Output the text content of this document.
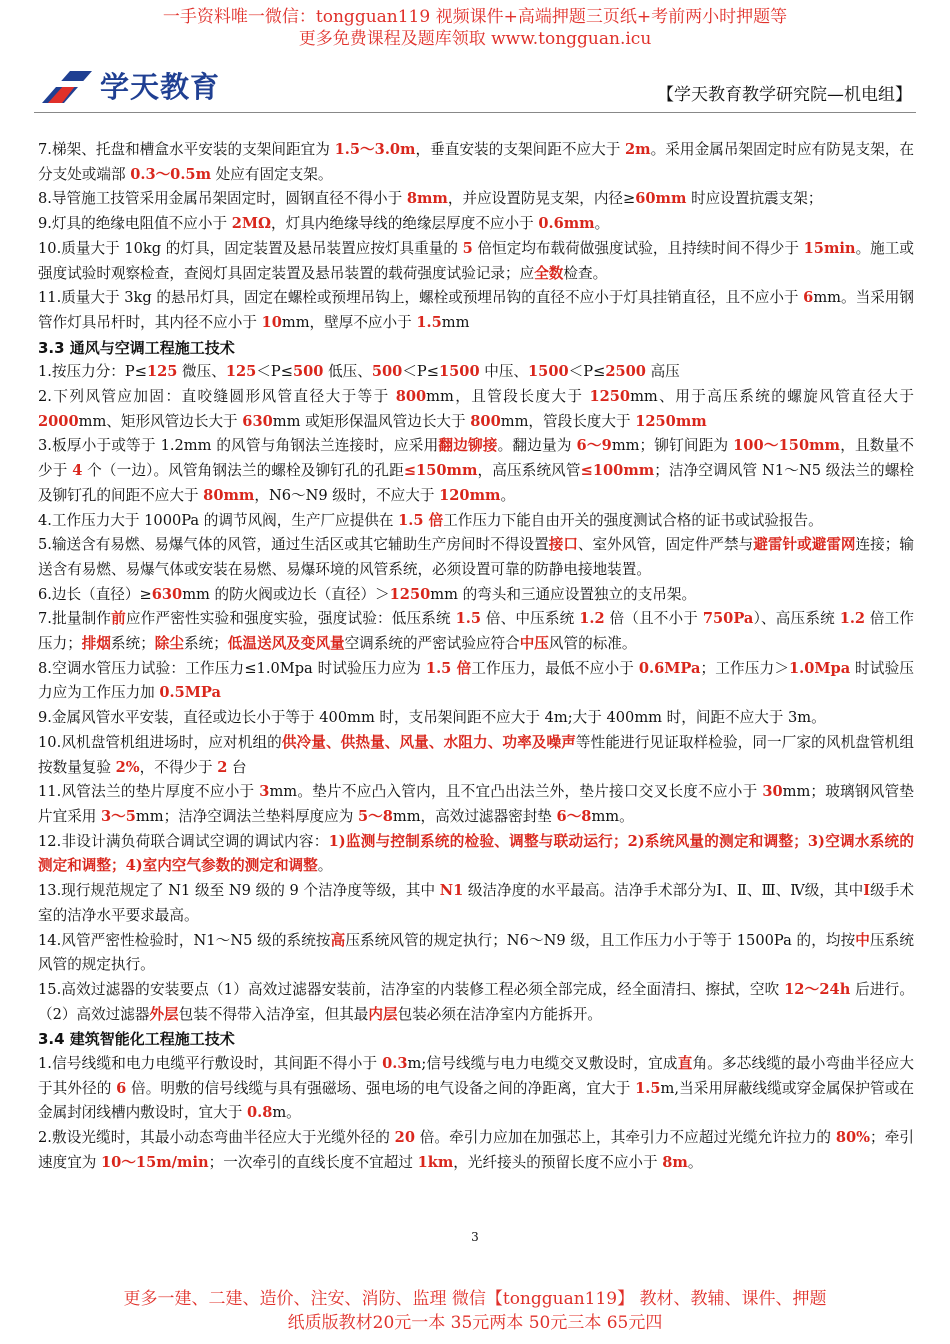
一手资料唯一微信：tongguan119 视频课件+高端押题三页纸+考前两小时押题等
更多免费课程及题库领取 www.tongguan.icu
学天教育	【学天教育教学研究院—机电组】

7.梯架、托盘和槽盒水平安装的支架间距宜为 1.5～3.0m，垂直安装的支架间距不应大于 2m。采用金属吊架固定时应有防晃支架，在分支处或端部 0.3～0.5m 处应有固定支架。

8.导管施工技管采用金属吊架固定时，圆钢直径不得小于 8mm，并应设置防晃支架，内径≥60mm 时应设置抗震支架；

9.灯具的绝缘电阻值不应小于 2MΩ，灯具内绝缘导线的绝缘层厚度不应小于 0.6mm。

10.质量大于 10kg 的灯具，固定装置及悬吊装置应按灯具重量的 5 倍恒定均布载荷做强度试验，且持续时间不得少于 15min。施工或强度试验时观察检查，查阅灯具固定装置及悬吊装置的载荷强度试验记录；应全数检查。

11.质量大于 3kg 的悬吊灯具，固定在螺栓或预埋吊钩上，螺栓或预埋吊钩的直径不应小于灯具挂销直径，且不应小于 6mm。当采用钢管作灯具吊杆时，其内径不应小于 10mm，壁厚不应小于 1.5mm

3.3 通风与空调工程施工技术

1.按压力分：P≤125 微压、125＜P≤500 低压、500＜P≤1500 中压、1500＜P≤2500 高压

2.下列风管应加固：直咬缝圆形风管直径大于等于 800mm，且管段长度大于 1250mm、用于高压系统的螺旋风管直径大于 2000mm、矩形风管边长大于 630mm 或矩形保温风管边长大于 800mm，管段长度大于 1250mm

3.板厚小于或等于 1.2mm 的风管与角钢法兰连接时，应采用翻边铆接。翻边量为 6～9mm；铆钉间距为 100～150mm，且数量不少于 4 个（一边）。风管角钢法兰的螺栓及铆钉孔的孔距≤150mm，高压系统风管≤100mm；洁净空调风管 N1～N5 级法兰的螺栓及铆钉孔的间距不应大于 80mm，N6～N9 级时，不应大于 120mm。

4.工作压力大于 1000Pa 的调节风阀，生产厂应提供在 1.5 倍工作压力下能自由开关的强度测试合格的证书或试验报告。

5.输送含有易燃、易爆气体的风管，通过生活区或其它辅助生产房间时不得设置接口、室外风管，固定件严禁与避雷针或避雷网连接；输送含有易燃、易爆气体或安装在易燃、易爆环境的风管系统，必须设置可靠的防静电接地装置。

6.边长（直径）≥630mm 的防火阀或边长（直径）＞1250mm 的弯头和三通应设置独立的支吊架。

7.批量制作前应作严密性实验和强度实验，强度试验：低压系统 1.5 倍、中压系统 1.2 倍（且不小于 750Pa）、高压系统 1.2 倍工作压力；排烟系统；除尘系统；低温送风及变风量空调系统的严密试验应符合中压风管的标准。

8.空调水管压力试验：工作压力≤1.0Mpa 时试验压力应为 1.5 倍工作压力，最低不应小于 0.6MPa；工作压力＞1.0Mpa 时试验压力应为工作压力加 0.5MPa

9.金属风管水平安装，直径或边长小于等于 400mm 时，支吊架间距不应大于 4m;大于 400mm 时，间距不应大于 3m。

10.风机盘管机组进场时，应对机组的供冷量、供热量、风量、水阻力、功率及噪声等性能进行见证取样检验，同一厂家的风机盘管机组按数量复验 2%，不得少于 2 台

11.风管法兰的垫片厚度不应小于 3mm。垫片不应凸入管内，且不宜凸出法兰外，垫片接口交叉长度不应小于 30mm；玻璃钢风管垫片宜采用 3～5mm；洁净空调法兰垫料厚度应为 5～8mm，高效过滤器密封垫 6～8mm。

12.非设计满负荷联合调试空调的调试内容：1)监测与控制系统的检验、调整与联动运行；2)系统风量的测定和调整；3)空调水系统的测定和调整；4)室内空气参数的测定和调整。

13.现行规范规定了 N1 级至 N9 级的 9 个洁净度等级，其中 N1 级洁净度的水平最高。洁净手术部分为Ⅰ、Ⅱ、Ⅲ、Ⅳ级，其中Ⅰ级手术室的洁净水平要求最高。

14.风管严密性检验时，N1～N5 级的系统按高压系统风管的规定执行；N6～N9 级，且工作压力小于等于 1500Pa 的，均按中压系统风管的规定执行。

15.高效过滤器的安装要点（1）高效过滤器安装前，洁净室的内装修工程必须全部完成，经全面清扫、擦拭，空吹 12～24h 后进行。（2）高效过滤器外层包装不得带入洁净室，但其最内层包装必须在洁净室内方能拆开。

3.4 建筑智能化工程施工技术

1.信号线缆和电力电缆平行敷设时，其间距不得小于 0.3m;信号线缆与电力电缆交叉敷设时，宜成直角。多芯线缆的最小弯曲半径应大于其外径的 6 倍。明敷的信号线缆与具有强磁场、强电场的电气设备之间的净距离，宜大于 1.5m,当采用屏蔽线缆或穿金属保护管或在金属封闭线槽内敷设时，宜大于 0.8m。

2.敷设光缆时，其最小动态弯曲半径应大于光缆外径的 20 倍。牵引力应加在加强芯上，其牵引力不应超过光缆允许拉力的 80%；牵引速度宜为 10～15m/min；一次牵引的直线长度不宜超过 1km，光纤接头的预留长度不应小于 8m。

3
更多一建、二建、造价、注安、消防、监理 微信【tongguan119】 教材、教辅、课件、押题
纸质版教材20元一本 35元两本 50元三本 65元四
